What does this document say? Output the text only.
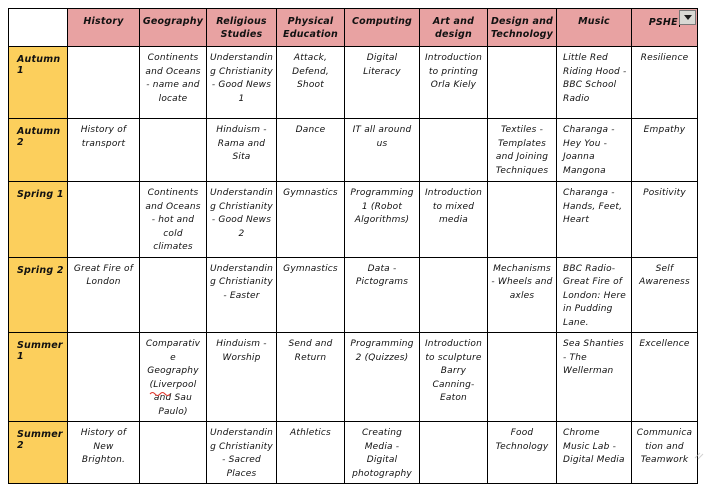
	History	Geography	Religious Studies	Physical Education	Computing	Art and design	Design and Technology	Music	PSHE

Autumn 1		Continents and Oceans - name and locate	Understanding Christianity - Good News 1	Attack, Defend, Shoot	Digital Literacy	Introduction to printing Orla Kiely		Little Red Riding Hood - BBC School Radio	Resilience
Autumn 2	History of transport		Hinduism - Rama and Sita	Dance	IT all around us		Textiles - Templates and Joining Techniques	Charanga - Hey You - Joanna Mangona	Empathy
Spring 1		Continents and Oceans - hot and cold climates	Understanding Christianity - Good News 2	Gymnastics	Programming 1 (Robot Algorithms)	Introduction to mixed media		Charanga - Hands, Feet, Heart	Positivity
Spring 2	Great Fire of London		Understanding Christianity - Easter	Gymnastics	Data - Pictograms		Mechanisms - Wheels and axles	BBC Radio- Great Fire of London: Here in Pudding Lane.	Self Awareness
Summer 1		Comparative Geography (Liverpool and Sau Paulo)	Hinduism - Worship	Send and Return	Programming 2 (Quizzes)	Introduction to sculpture Barry Canning-Eaton		Sea Shanties - The Wellerman	Excellence
Summer 2	History of New Brighton.		Understanding Christianity - Sacred Places	Athletics	Creating Media - Digital photography		Food Technology	Chrome Music Lab - Digital Media	Communication and Teamwork
